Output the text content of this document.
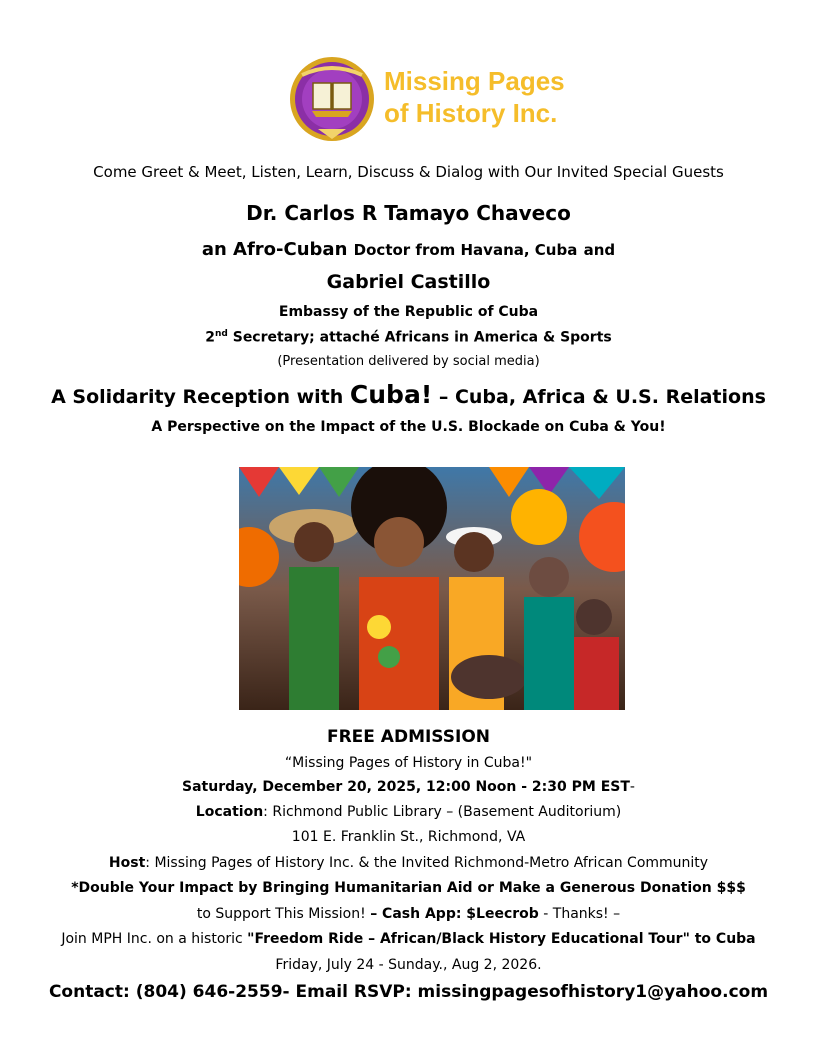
Missing Pages
of History Inc.
Come Greet & Meet, Listen, Learn, Discuss & Dialog with Our Invited Special Guests
Dr. Carlos R Tamayo Chaveco
an Afro-Cuban Doctor from Havana, Cuba and
Gabriel Castillo
Embassy of the Republic of Cuba
2nd Secretary; attaché Africans in America & Sports
(Presentation delivered by social media)
A Solidarity Reception with Cuba! – Cuba, Africa & U.S. Relations
A Perspective on the Impact of the U.S. Blockade on Cuba & You!
FREE ADMISSION
“Missing Pages of History in Cuba!"
Saturday, December 20, 2025, 12:00 Noon - 2:30 PM EST-
Location: Richmond Public Library – (Basement Auditorium)
101 E. Franklin St., Richmond, VA
Host: Missing Pages of History Inc. & the Invited Richmond-Metro African Community
*Double Your Impact by Bringing Humanitarian Aid or Make a Generous Donation $$$
to Support This Mission! – Cash App: $Leecrob - Thanks! –
Join MPH Inc. on a historic "Freedom Ride – African/Black History Educational Tour" to Cuba
Friday, July 24 - Sunday., Aug 2, 2026.
Contact: (804) 646-2559- Email RSVP: missingpagesofhistory1@yahoo.com
